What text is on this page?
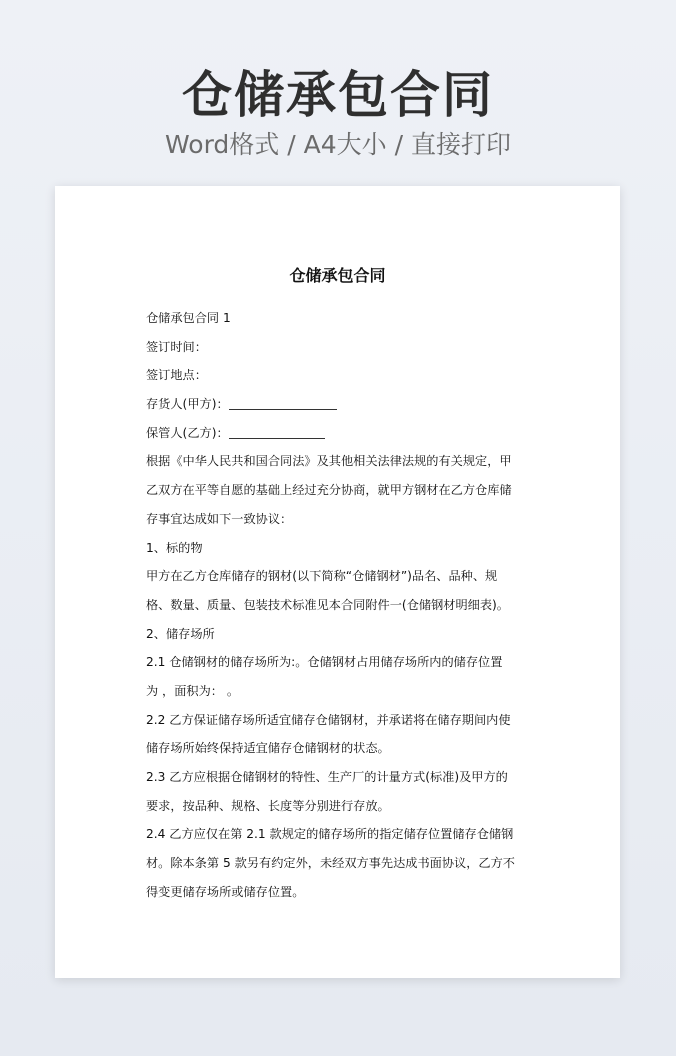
仓储承包合同
Word格式 / A4大小 / 直接打印
仓储承包合同
仓储承包合同 1
签订时间：
签订地点：
存货人(甲方)：
保管人(乙方)：
根据《中华人民共和国合同法》及其他相关法律法规的有关规定，甲
乙双方在平等自愿的基础上经过充分协商，就甲方钢材在乙方仓库储
存事宜达成如下一致协议：
1、标的物
甲方在乙方仓库储存的钢材(以下简称“仓储钢材”)品名、品种、规
格、数量、质量、包装技术标准见本合同附件一(仓储钢材明细表)。
2、储存场所
2.1 仓储钢材的储存场所为:。仓储钢材占用储存场所内的储存位置
为 ，面积为： 。
2.2 乙方保证储存场所适宜储存仓储钢材，并承诺将在储存期间内使
储存场所始终保持适宜储存仓储钢材的状态。
2.3 乙方应根据仓储钢材的特性、生产厂的计量方式(标准)及甲方的
要求，按品种、规格、长度等分别进行存放。
2.4 乙方应仅在第 2.1 款规定的储存场所的指定储存位置储存仓储钢
材。除本条第 5 款另有约定外，未经双方事先达成书面协议，乙方不
得变更储存场所或储存位置。
